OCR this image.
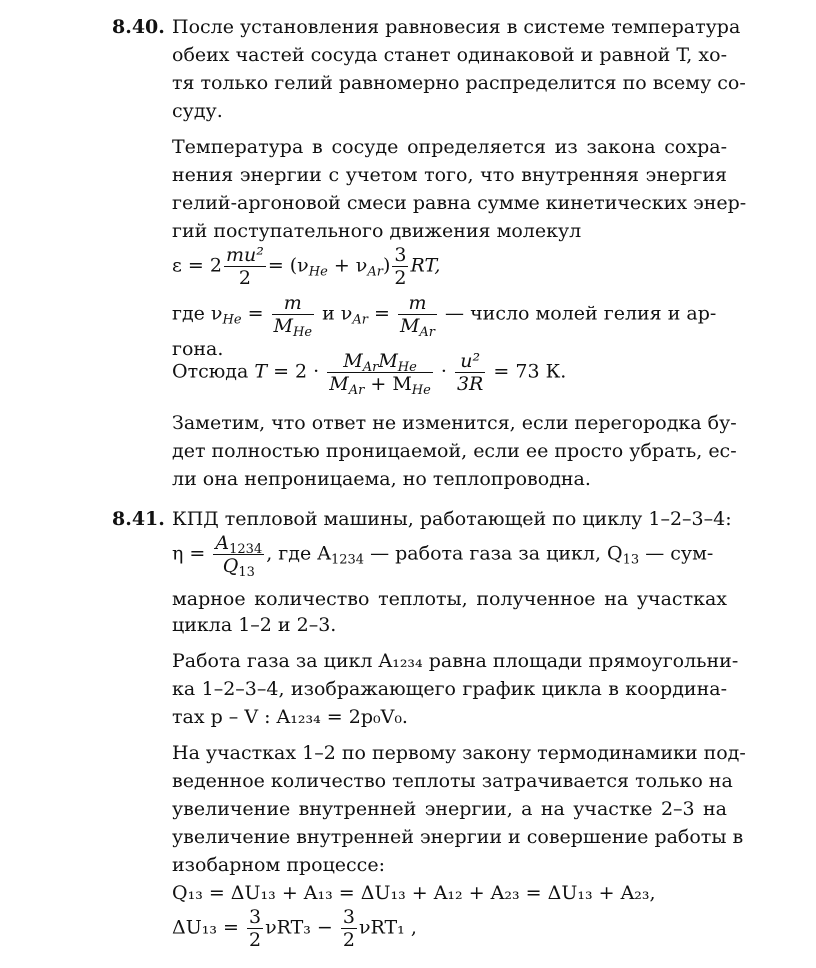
8.40. После установления равновесия в системе температура
обеих частей сосуда станет одинаковой и равной T, хо-
тя только гелий равномерно распределится по всему со-
суду.
Температура в сосуде определяется из закона сохра-
нения энергии с учетом того, что внутренняя энергия
гелий-аргоновой смеси равна сумме кинетических энер-
гий поступательного движения молекул
$\varepsilon = 2 \frac{\text{mu²}}{2} = (\nu_{He} + \nu_{Ar}) \frac{3}{2}$ RT,
где $\nu_{He} = \frac{m}{M_{He}}$ и $\nu_{Ar} = \frac{m}{M_{Ar}}$ — число молей гелия и ар-
гона.
Отсюда $T = 2 \cdot \frac{M_{Ar}M_{He}}{M_{Ar} + M_{He}} \cdot \frac{\text{u²}}{3R} = 73$ К.
Заметим, что ответ не изменится, если перегородка бу-
дет полностью проницаемой, если ее просто убрать, ес-
ли она непроницаема, но теплопроводна.
8.41. КПД тепловой машины, работающей по циклу 1–2–3–4:
$\eta = \frac{A_{1234}}{Q_{13}}$ , где $A_{1234}$ — работа газа за цикл, $Q_{13}$ — сум-
марное количество теплоты, полученное на участках
цикла 1–2 и 2–3.
Работа газа за цикл A₁₂₃₄ равна площади прямоугольни-
ка 1–2–3–4, изображающего график цикла в координа-
тах p – V : A₁₂₃₄ = 2p₀V₀.
На участках 1–2 по первому закону термодинамики под-
веденное количество теплоты затрачивается только на
увеличение внутренней энергии, а на участке 2–3 на
увеличение внутренней энергии и совершение работы в
изобарном процессе:
Q₁₃ = ΔU₁₃ + A₁₃ = ΔU₁₃ + A₁₂ + A₂₃ = ΔU₁₃ + A₂₃,
$\Delta U_{13} = \frac{3}{2} \nu RT_3 - \frac{3}{2} \nu RT_1$ ,
